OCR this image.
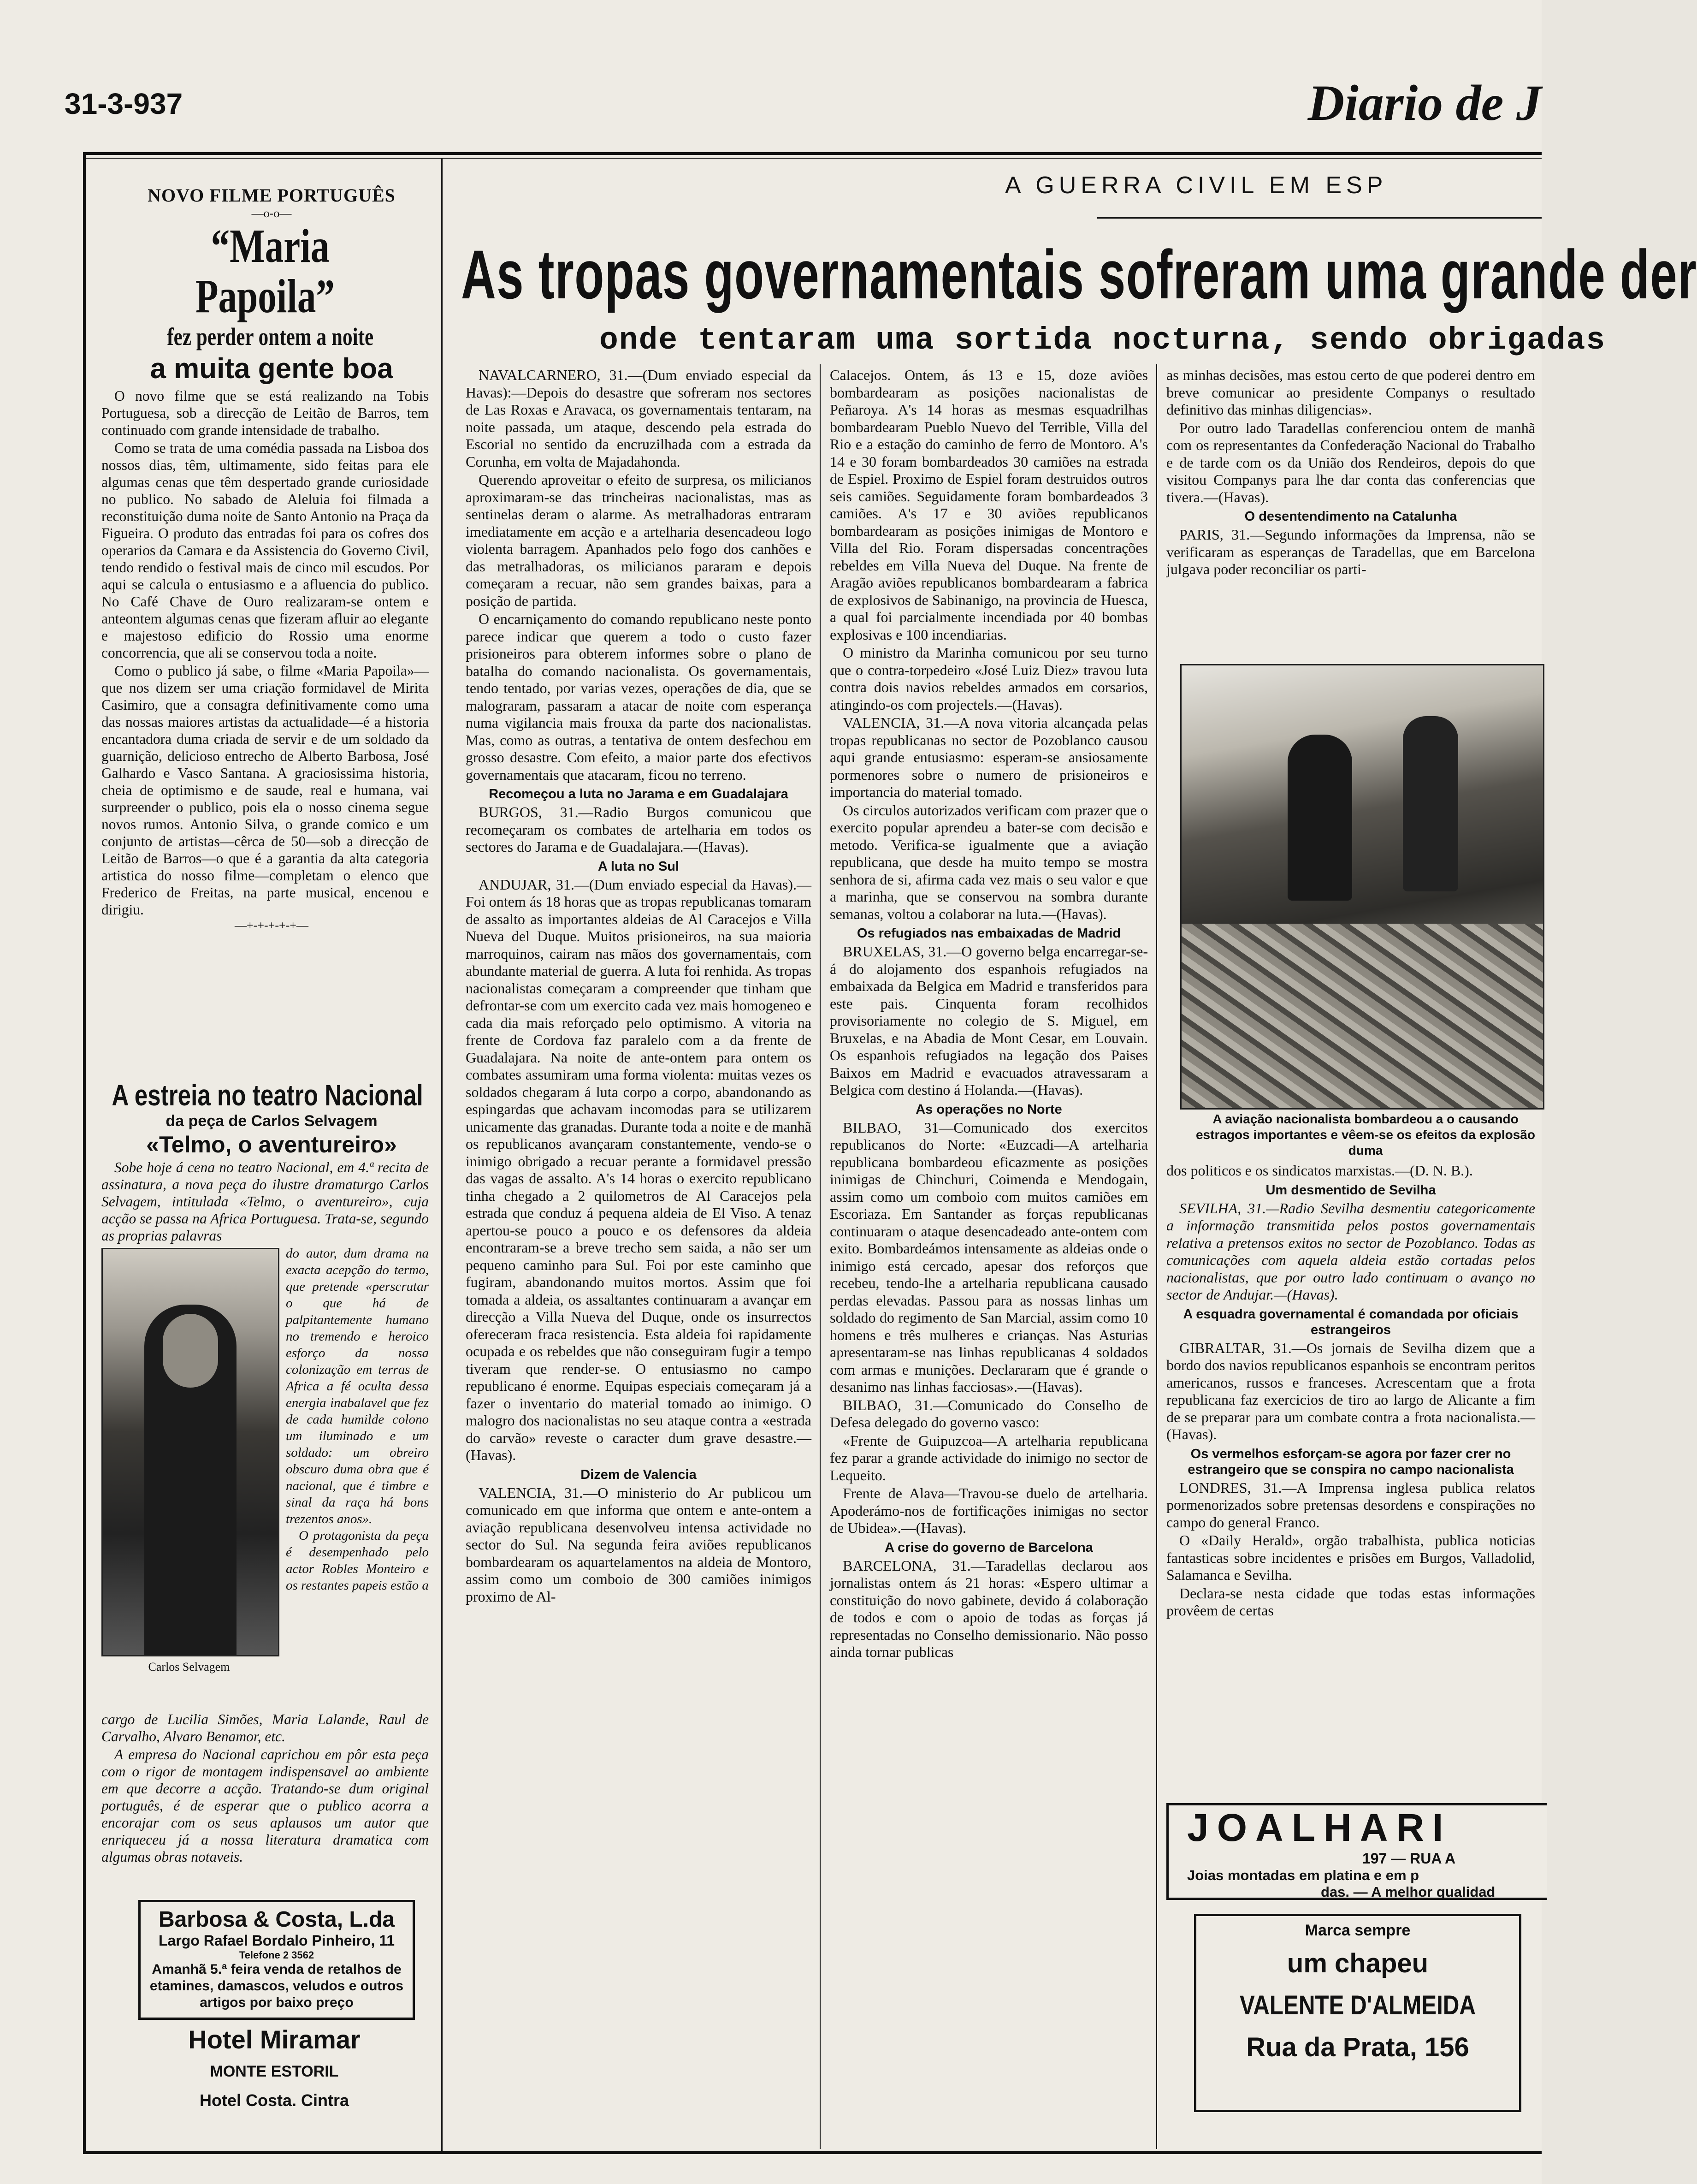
31-3-937	Diario de J

NOVO FILME PORTUGUÊS

—o-o—

“Maria Papoila”

fez perder ontem a noite

a muita gente boa

O novo filme que se está realizando na Tobis Portuguesa, sob a direcção de Leitão de Barros, tem continuado com grande intensidade de trabalho.

Como se trata de uma comédia passada na Lisboa dos nossos dias, têm, ultimamente, sido feitas para ele algumas cenas que têm despertado grande curiosidade no publico. No sabado de Aleluia foi filmada a reconstituição duma noite de Santo Antonio na Praça da Figueira. O produto das entradas foi para os cofres dos operarios da Camara e da Assistencia do Governo Civil, tendo rendido o festival mais de cinco mil escudos. Por aqui se calcula o entusiasmo e a afluencia do publico. No Café Chave de Ouro realizaram-se ontem e anteontem algumas cenas que fizeram afluir ao elegante e majestoso edificio do Rossio uma enorme concorrencia, que ali se conservou toda a noite.

Como o publico já sabe, o filme «Maria Papoila»—que nos dizem ser uma criação formidavel de Mirita Casimiro, que a consagra definitivamente como uma das nossas maiores artistas da actualidade—é a historia encantadora duma criada de servir e de um soldado da guarnição, delicioso entrecho de Alberto Barbosa, José Galhardo e Vasco Santana. A graciosissima historia, cheia de optimismo e de saude, real e humana, vai surpreender o publico, pois ela o nosso cinema segue novos rumos. Antonio Silva, o grande comico e um conjunto de artistas—cêrca de 50—sob a direcção de Leitão de Barros—o que é a garantia da alta categoria artistica do nosso filme—completam o elenco que Frederico de Freitas, na parte musical, encenou e dirigiu.

—+-+-+-+-+—

A estreia no teatro Nacional

da peça de Carlos Selvagem

«Telmo, o aventureiro»

Sobe hoje á cena no teatro Nacional, em 4.ª recita de assinatura, a nova peça do ilustre dramaturgo Carlos Selvagem, intitulada «Telmo, o aventureiro», cuja acção se passa na Africa Portuguesa. Trata-se, segundo as proprias palavras

Carlos Selvagem
do autor, dum drama na exacta acepção do termo, que pretende «perscrutar o que há de palpitantemente humano no tremendo e heroico esforço da nossa colonização em terras de Africa a fé oculta dessa energia inabalavel que fez de cada humilde colono um iluminado e um soldado: um obreiro obscuro duma obra que é nacional, que é timbre e sinal da raça há bons trezentos anos».
O protagonista da peça é desempenhado pelo actor Robles Monteiro e os restantes papeis estão a

cargo de Lucilia Simões, Maria Lalande, Raul de Carvalho, Alvaro Benamor, etc.

A empresa do Nacional caprichou em pôr esta peça com o rigor de montagem indispensavel ao ambiente em que decorre a acção. Tratando-se dum original português, é de esperar que o publico acorra a encorajar com os seus aplausos um autor que enriqueceu já a nossa literatura dramatica com algumas obras notaveis.

Barbosa & Costa, L.da

Largo Rafael Bordalo Pinheiro, 11

Telefone 2 3562

Amanhã 5.ª feira venda de retalhos de etamines, damascos, veludos e outros artigos por baixo preço

Hotel Miramar

MONTE ESTORIL

Hotel Costa. Cintra

A GUERRA CIVIL EM ESP
As tropas governamentais sofreram uma grande der
onde tentaram uma sortida nocturna, sendo obrigadas

NAVALCARNERO, 31.—(Dum enviado especial da Havas):—Depois do desastre que sofreram nos sectores de Las Roxas e Aravaca, os governamentais tentaram, na noite passada, um ataque, descendo pela estrada do Escorial no sentido da encruzilhada com a estrada da Corunha, em volta de Majadahonda.

Querendo aproveitar o efeito de surpresa, os milicianos aproximaram-se das trincheiras nacionalistas, mas as sentinelas deram o alarme. As metralhadoras entraram imediatamente em acção e a artelharia desencadeou logo violenta barragem. Apanhados pelo fogo dos canhões e das metralhadoras, os milicianos pararam e depois começaram a recuar, não sem grandes baixas, para a posição de partida.

O encarniçamento do comando republicano neste ponto parece indicar que querem a todo o custo fazer prisioneiros para obterem informes sobre o plano de batalha do comando nacionalista. Os governamentais, tendo tentado, por varias vezes, operações de dia, que se malograram, passaram a atacar de noite com esperança numa vigilancia mais frouxa da parte dos nacionalistas. Mas, como as outras, a tentativa de ontem desfechou em grosso desastre. Com efeito, a maior parte dos efectivos governamentais que atacaram, ficou no terreno.

Recomeçou a luta no Jarama e em Guadalajara

BURGOS, 31.—Radio Burgos comunicou que recomeçaram os combates de artelharia em todos os sectores do Jarama e de Guadalajara.—(Havas).

A luta no Sul

ANDUJAR, 31.—(Dum enviado especial da Havas).—Foi ontem ás 18 horas que as tropas republicanas tomaram de assalto as importantes aldeias de Al Caracejos e Villa Nueva del Duque. Muitos prisioneiros, na sua maioria marroquinos, cairam nas mãos dos governamentais, com abundante material de guerra. A luta foi renhida. As tropas nacionalistas começaram a compreender que tinham que defrontar-se com um exercito cada vez mais homogeneo e cada dia mais reforçado pelo optimismo. A vitoria na frente de Cordova faz paralelo com a da frente de Guadalajara. Na noite de ante-ontem para ontem os combates assumiram uma forma violenta: muitas vezes os soldados chegaram á luta corpo a corpo, abandonando as espingardas que achavam incomodas para se utilizarem unicamente das granadas. Durante toda a noite e de manhã os republicanos avançaram constantemente, vendo-se o inimigo obrigado a recuar perante a formidavel pressão das vagas de assalto. A's 14 horas o exercito republicano tinha chegado a 2 quilometros de Al Caracejos pela estrada que conduz á pequena aldeia de El Viso. A tenaz apertou-se pouco a pouco e os defensores da aldeia encontraram-se a breve trecho sem saida, a não ser um pequeno caminho para Sul. Foi por este caminho que fugiram, abandonando muitos mortos. Assim que foi tomada a aldeia, os assaltantes continuaram a avançar em direcção a Villa Nueva del Duque, onde os insurrectos ofereceram fraca resistencia. Esta aldeia foi rapidamente ocupada e os rebeldes que não conseguiram fugir a tempo tiveram que render-se. O entusiasmo no campo republicano é enorme. Equipas especiais começaram já a fazer o inventario do material tomado ao inimigo. O malogro dos nacionalistas no seu ataque contra a «estrada do carvão» reveste o caracter dum grave desastre.—(Havas).

Dizem de Valencia

VALENCIA, 31.—O ministerio do Ar publicou um comunicado em que informa que ontem e ante-ontem a aviação republicana desenvolveu intensa actividade no sector do Sul. Na segunda feira aviões republicanos bombardearam os aquartelamentos na aldeia de Montoro, assim como um comboio de 300 camiões inimigos proximo de Al-

Calacejos. Ontem, ás 13 e 15, doze aviões bombardearam as posições nacionalistas de Peñaroya. A's 14 horas as mesmas esquadrilhas bombardearam Pueblo Nuevo del Terrible, Villa del Rio e a estação do caminho de ferro de Montoro. A's 14 e 30 foram bombardeados 30 camiões na estrada de Espiel. Proximo de Espiel foram destruidos outros seis camiões. Seguidamente foram bombardeados 3 camiões. A's 17 e 30 aviões republicanos bombardearam as posições inimigas de Montoro e Villa del Rio. Foram dispersadas concentrações rebeldes em Villa Nueva del Duque. Na frente de Aragão aviões republicanos bombardearam a fabrica de explosivos de Sabinanigo, na provincia de Huesca, a qual foi parcialmente incendiada por 40 bombas explosivas e 100 incendiarias.

O ministro da Marinha comunicou por seu turno que o contra-torpedeiro «José Luiz Diez» travou luta contra dois navios rebeldes armados em corsarios, atingindo-os com projectels.—(Havas).

VALENCIA, 31.—A nova vitoria alcançada pelas tropas republicanas no sector de Pozoblanco causou aqui grande entusiasmo: esperam-se ansiosamente pormenores sobre o numero de prisioneiros e importancia do material tomado.

Os circulos autorizados verificam com prazer que o exercito popular aprendeu a bater-se com decisão e metodo. Verifica-se igualmente que a aviação republicana, que desde ha muito tempo se mostra senhora de si, afirma cada vez mais o seu valor e que a marinha, que se conservou na sombra durante semanas, voltou a colaborar na luta.—(Havas).

Os refugiados nas embaixadas de Madrid

BRUXELAS, 31.—O governo belga encarregar-se-á do alojamento dos espanhois refugiados na embaixada da Belgica em Madrid e transferidos para este pais. Cinquenta foram recolhidos provisoriamente no colegio de S. Miguel, em Bruxelas, e na Abadia de Mont Cesar, em Louvain. Os espanhois refugiados na legação dos Paises Baixos em Madrid e evacuados atravessaram a Belgica com destino á Holanda.—(Havas).

As operações no Norte

BILBAO, 31—Comunicado dos exercitos republicanos do Norte: «Euzcadi—A artelharia republicana bombardeou eficazmente as posições inimigas de Chinchuri, Coimenda e Mendogain, assim como um comboio com muitos camiões em Escoriaza. Em Santander as forças republicanas continuaram o ataque desencadeado ante-ontem com exito. Bombardeámos intensamente as aldeias onde o inimigo está cercado, apesar dos reforços que recebeu, tendo-lhe a artelharia republicana causado perdas elevadas. Passou para as nossas linhas um soldado do regimento de San Marcial, assim como 10 homens e três mulheres e crianças. Nas Asturias apresentaram-se nas linhas republicanas 4 soldados com armas e munições. Declararam que é grande o desanimo nas linhas facciosas».—(Havas).

BILBAO, 31.—Comunicado do Conselho de Defesa delegado do governo vasco:

«Frente de Guipuzcoa—A artelharia republicana fez parar a grande actividade do inimigo no sector de Lequeito.

Frente de Alava—Travou-se duelo de artelharia. Apoderámo-nos de fortificações inimigas no sector de Ubidea».—(Havas).

A crise do governo de Barcelona

BARCELONA, 31.—Taradellas declarou aos jornalistas ontem ás 21 horas: «Espero ultimar a constituição do novo gabinete, devido á colaboração de todos e com o apoio de todas as forças já representadas no Conselho demissionario. Não posso ainda tornar publicas

as minhas decisões, mas estou certo de que poderei dentro em breve comunicar ao presidente Companys o resultado definitivo das minhas diligencias».

Por outro lado Taradellas conferenciou ontem de manhã com os representantes da Confederação Nacional do Trabalho e de tarde com os da União dos Rendeiros, depois do que visitou Companys para lhe dar conta das conferencias que tivera.—(Havas).

O desentendimento na Catalunha

PARIS, 31.—Segundo informações da Imprensa, não se verificaram as esperanças de Taradellas, que em Barcelona julgava poder reconciliar os parti-

A aviação nacionalista bombardeou a o causando estragos importantes e vêem-se os efeitos da explosão duma

dos politicos e os sindicatos marxistas.—(D. N. B.).

Um desmentido de Sevilha

SEVILHA, 31.—Radio Sevilha desmentiu categoricamente a informação transmitida pelos postos governamentais relativa a pretensos exitos no sector de Pozoblanco. Todas as comunicações com aquela aldeia estão cortadas pelos nacionalistas, que por outro lado continuam o avanço no sector de Andujar.—(Havas).

A esquadra governamental é comandada por oficiais estrangeiros

GIBRALTAR, 31.—Os jornais de Sevilha dizem que a bordo dos navios republicanos espanhois se encontram peritos americanos, russos e franceses. Acrescentam que a frota republicana faz exercicios de tiro ao largo de Alicante a fim de se preparar para um combate contra a frota nacionalista.—(Havas).

Os vermelhos esforçam-se agora por fazer crer no estrangeiro que se conspira no campo nacionalista

LONDRES, 31.—A Imprensa inglesa publica relatos pormenorizados sobre pretensas desordens e conspirações no campo do general Franco.

O «Daily Herald», orgão trabalhista, publica noticias fantasticas sobre incidentes e prisões em Burgos, Valladolid, Salamanca e Sevilha.

Declara-se nesta cidade que todas estas informações provêem de certas

JOALHARI

197 — RUA A

Joias montadas em platina e em p

das. — A melhor qualidad

Marca sempre

um chapeu

VALENTE D'ALMEIDA

Rua da Prata, 156
